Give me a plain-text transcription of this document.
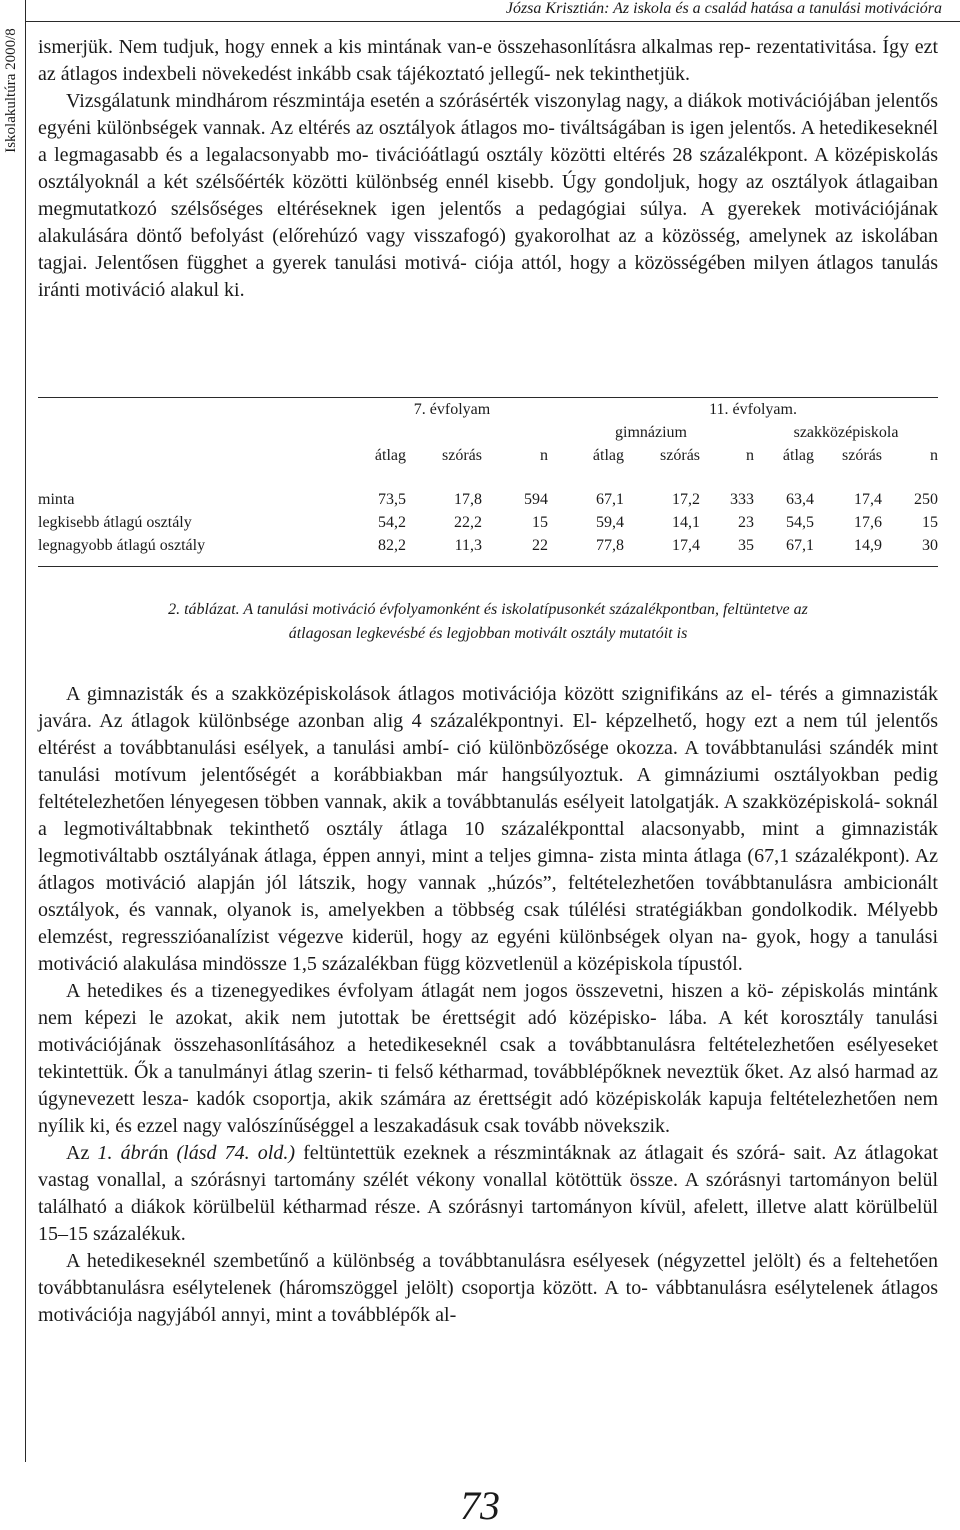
Iskolakultúra 2000/8
Józsa Krisztián: Az iskola és a család hatása a tanulási motivációra

ismerjük. Nem tudjuk, hogy ennek a kis mintának van-e összehasonlításra alkalmas rep- rezentativitása. Így ezt az átlagos indexbeli növekedést inkább csak tájékoztató jellegű- nek tekinthetjük.

Vizsgálatunk mindhárom részmintája esetén a szórásérték viszonylag nagy, a diákok motivációjában jelentős egyéni különbségek vannak. Az eltérés az osztályok átlagos mo- tiváltságában is igen jelentős. A hetedikeseknél a legmagasabb és a legalacsonyabb mo- tivációátlagú osztály közötti eltérés 28 százalékpont. A középiskolás osztályoknál a két szélsőérték közötti különbség ennél kisebb. Úgy gondoljuk, hogy az osztályok átlagaiban megmutatkozó szélsőséges eltéréseknek igen jelentős a pedagógiai súlya. A gyerekek motivációjának alakulására döntő befolyást (előrehúzó vagy visszafogó) gyakorolhat az a közösség, amelynek az iskolában tagjai. Jelentősen függhet a gyerek tanulási motivá- ciója attól, hogy a közösségében milyen átlagos tanulás iránti motiváció alakul ki.

	7. évfolyam				11. évfolyam.				
				gimnázium			szakközépiskola		
	átlag	szórás	n	átlag	szórás	n	átlag	szórás	n

minta	73,5	17,8	594	67,1	17,2	333	63,4	17,4	250
legkisebb átlagú osztály	54,2	22,2	15	59,4	14,1	23	54,5	17,6	15
legnagyobb átlagú osztály	82,2	11,3	22	77,8	17,4	35	67,1	14,9	30

2. táblázat. A tanulási motiváció évfolyamonként és iskolatípusonkét százalékpontban, feltüntetve az
átlagosan legkevésbé és legjobban motivált osztály mutatóit is

A gimnazisták és a szakközépiskolások átlagos motivációja között szignifikáns az el- térés a gimnazisták javára. Az átlagok különbsége azonban alig 4 százalékpontnyi. El- képzelhető, hogy ezt a nem túl jelentős eltérést a továbbtanulási esélyek, a tanulási ambí- ció különbözősége okozza. A továbbtanulási szándék mint tanulási motívum jelentőségét a korábbiakban már hangsúlyoztuk. A gimnáziumi osztályokban pedig feltételezhetően lényegesen többen vannak, akik a továbbtanulás esélyeit latolgatják. A szakközépiskolá- soknál a legmotiváltabbnak tekinthető osztály átlaga 10 százalékponttal alacsonyabb, mint a gimnazisták legmotiváltabb osztályának átlaga, éppen annyi, mint a teljes gimna- zista minta átlaga (67,1 százalékpont). Az átlagos motiváció alapján jól látszik, hogy vannak „húzós”, feltételezhetően továbbtanulásra ambicionált osztályok, és vannak, olyanok is, amelyekben a többség csak túlélési stratégiákban gondolkodik. Mélyebb elemzést, regresszióanalízist végezve kiderül, hogy az egyéni különbségek olyan na- gyok, hogy a tanulási motiváció alakulása mindössze 1,5 százalékban függ közvetlenül a középiskola típustól.

A hetedikes és a tizenegyedikes évfolyam átlagát nem jogos összevetni, hiszen a kö- zépiskolás mintánk nem képezi le azokat, akik nem jutottak be érettségit adó középisko- lába. A két korosztály tanulási motivációjának összehasonlításához a hetedikeseknél csak a továbbtanulásra feltételezhetően esélyeseket tekintettük. Ők a tanulmányi átlag szerin- ti felső kétharmad, továbblépőknek neveztük őket. Az alsó harmad az úgynevezett lesza- kadók csoportja, akik számára az érettségit adó középiskolák kapuja feltételezhetően nem nyílik ki, és ezzel nagy valószínűséggel a leszakadásuk csak tovább növekszik.

Az 1. ábrán (lásd 74. old.) feltüntettük ezeknek a részmintáknak az átlagait és szórá- sait. Az átlagokat vastag vonallal, a szórásnyi tartomány szélét vékony vonallal kötöttük össze. A szórásnyi tartományon belül található a diákok körülbelül kétharmad része. A szórásnyi tartományon kívül, afelett, illetve alatt körülbelül 15–15 százalékuk.

A hetedikeseknél szembetűnő a különbség a továbbtanulásra esélyesek (négyzettel jelölt) és a feltehetően továbbtanulásra esélytelenek (háromszöggel jelölt) csoportja között. A to- vábbtanulásra esélytelenek átlagos motivációja nagyjából annyi, mint a továbblépők al-

73
